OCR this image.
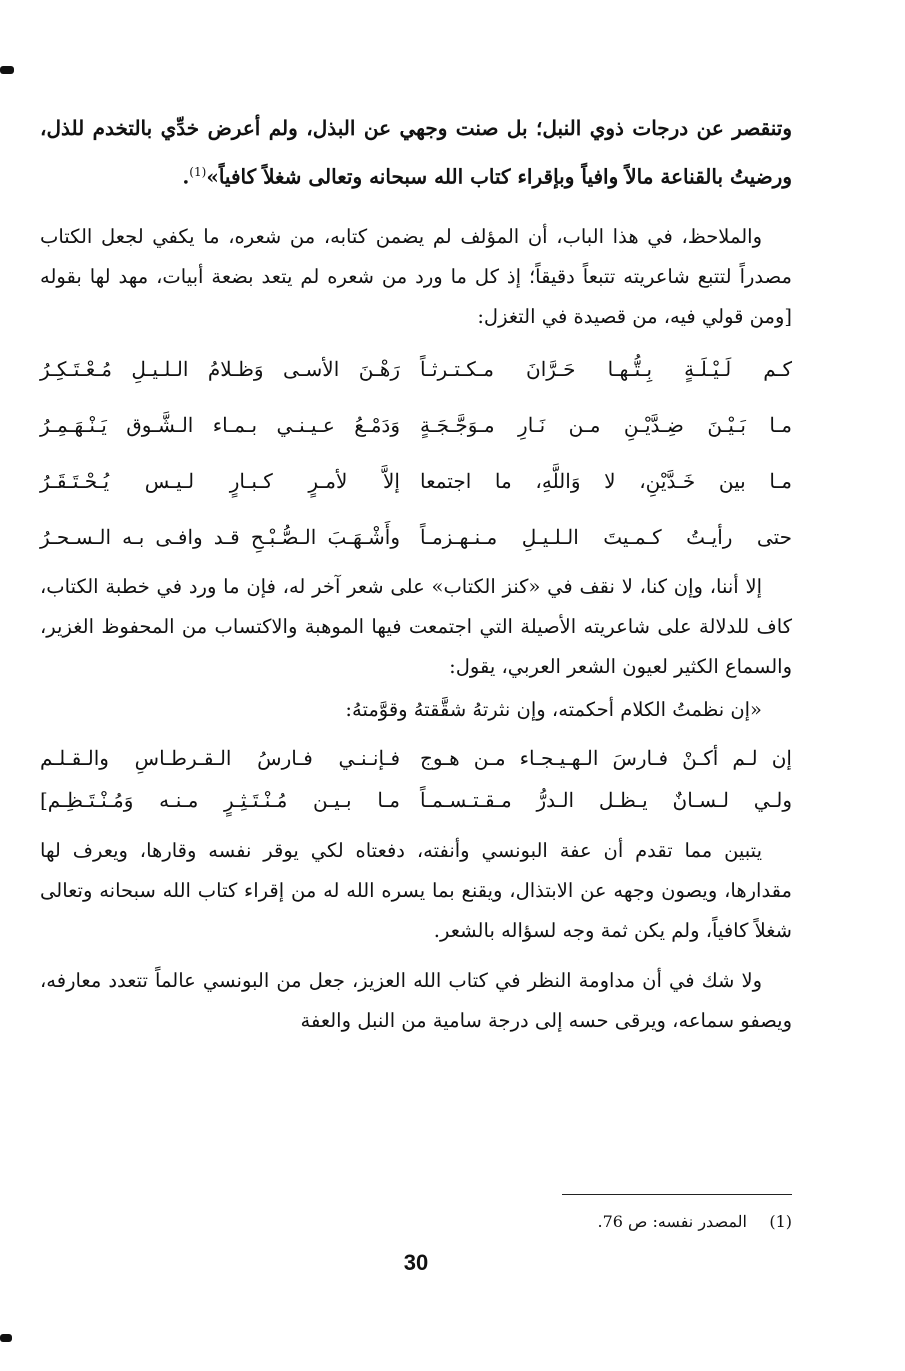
وتنقصر عن درجات ذوي النبل؛ بل صنت وجهي عن البذل، ولم أعرض خدِّي بالتخدم للذل، ورضيتُ بالقناعة مالاً وافياً وبإقراء كتاب الله سبحانه وتعالى شغلاً كافياً»$^{(1)}$.

والملاحظ، في هذا الباب، أن المؤلف لم يضمن كتابه، من شعره، ما يكفي لجعل الكتاب مصدراً لتتبع شاعريته تتبعاً دقيقاً؛ إذ كل ما ورد من شعره لم يتعد بضعة أبيات، مهد لها بقوله [ومن قولي فيه، من قصيدة في التغزل:

كـم لَـيْـلَـةٍ بِـتُّـهـا حَـرَّانَ مـكـتـرثـاً
رَهْـنَ الأسـى وَظـلامُ الـلـيـلِ مُـعْـتَـكِـرُ
مـا بَـيْـنَ ضِـدَّيْـنِ مـن نَـارِ مـوَجَّـجَـةٍ
وَدَمْـعُ عـيـنـي بـمـاء الـشَّـوق يَـنْـهَـمِـرُ
مـا بين خَـدَّيْنِ، لا وَاللَّهِ، ما اجتمعا
إلاَّ لأمـرٍ كـبـارٍ لـيـس يُـحْـتَـقَـرُ
حتى رأيـتُ كـمـيتَ الـلـيـلِ مـنـهـزمـاً
وأَشْـهَـبَ الـصُّـبْـحِ قـد وافـى بـه الـسـحـرُ

إلا أننا، وإن كنا، لا نقف في «كنز الكتاب» على شعر آخر له، فإن ما ورد في خطبة الكتاب، كاف للدلالة على شاعريته الأصيلة التي اجتمعت فيها الموهبة والاكتساب من المحفوظ الغزير، والسماع الكثير لعيون الشعر العربي، يقول:

«إن نظمتُ الكلام أحكمته، وإن نثرتهُ شقَّقتهُ وقوَّمتهُ:
إن لـم أكـنْ فـارسَ الـهـيـجـاء مـن هـوج
فـإنـنـي فـارسُ الـقـرطـاسِ والـقـلـم
ولـي لـسـانٌ يـظـل الـدرُّ مـقـتـسـمـاً
مـا بـيـن مُـنْـتَـثِـرٍ مـنـه وَمُـنْـتَـظِـم]

يتبين مما تقدم أن عفة البونسي وأنفته، دفعتاه لكي يوقر نفسه وقارها، ويعرف لها مقدارها، ويصون وجهه عن الابتذال، ويقنع بما يسره الله له من إقراء كتاب الله سبحانه وتعالى شغلاً كافياً، ولم يكن ثمة وجه لسؤاله بالشعر.

ولا شك في أن مداومة النظر في كتاب الله العزيز، جعل من البونسي عالماً تتعدد معارفه، ويصفو سماعه، ويرقى حسه إلى درجة سامية من النبل والعفة

(1) المصدر نفسه: ص 76.
30
